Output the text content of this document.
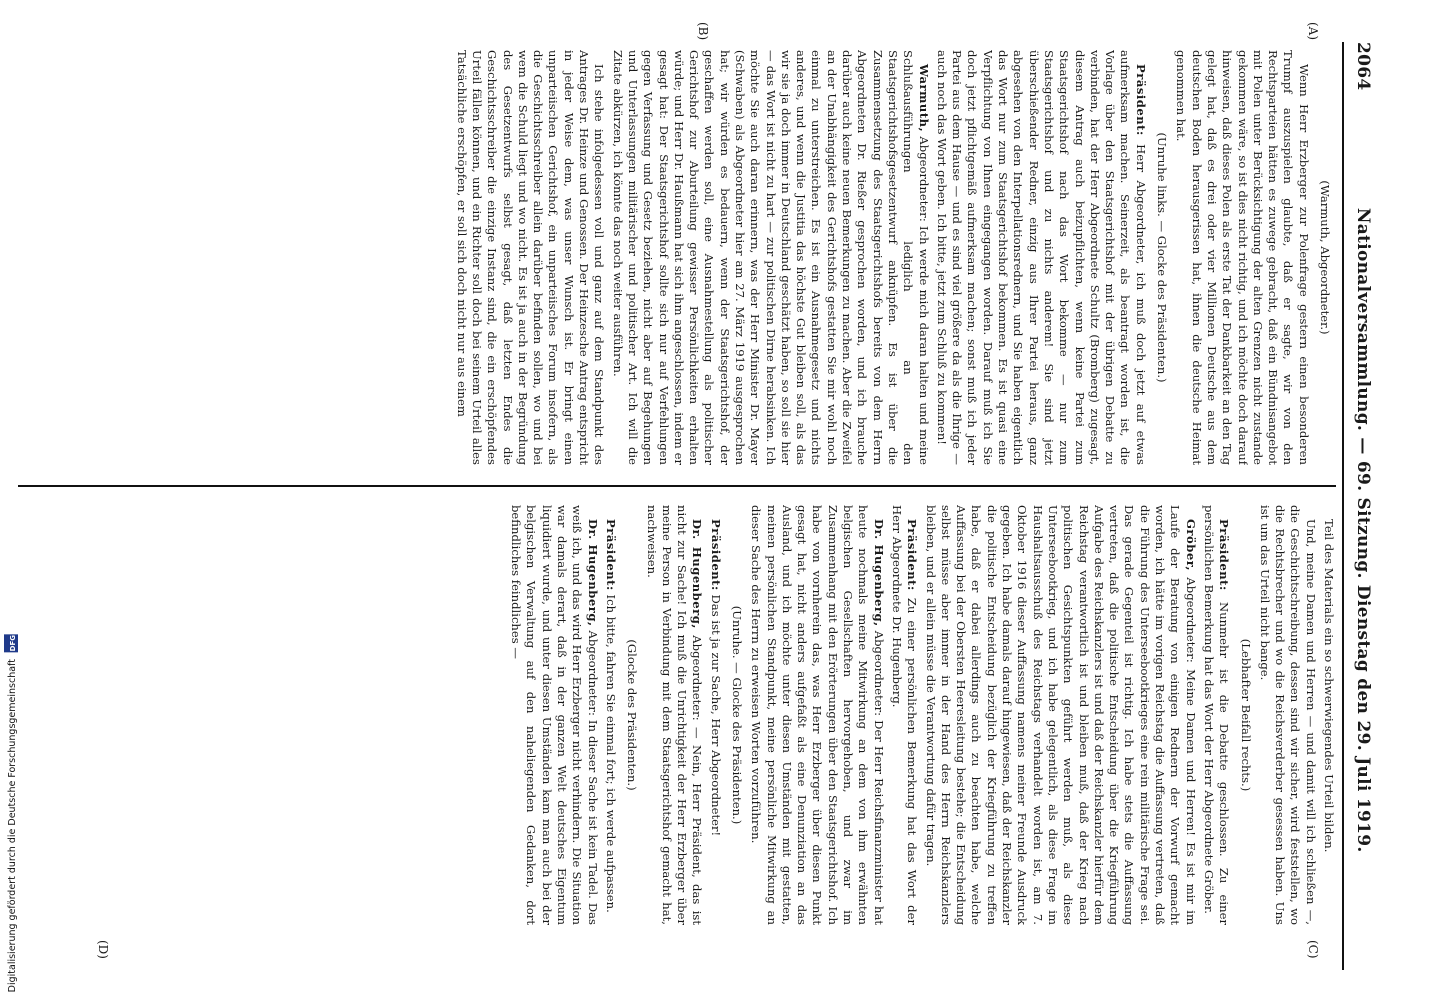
2064
Nationalversammlung. — 69. Sitzung. Dienstag den 29. Juli 1919.
(A)
(B)
(C)
(D)

(Warmuth, Abgeordneter.)

Wenn Herr Erzberger zur Polenfrage gestern einen besonderen Trumpf auszuspielen glaubte, daß er sagte, wir von den Rechtsparteien hätten es zuwege gebracht, daß ein Bündnisangebot mit Polen unter Berücksichtigung der alten Grenzen nicht zustande gekommen wäre, so ist dies nicht richtig, und ich möchte doch darauf hinweisen, daß dieses Polen als erste Tat der Dankbarkeit an den Tag gelegt hat, daß es drei oder vier Millionen Deutsche aus dem deutschen Boden herausgerissen hat, ihnen die deutsche Heimat genommen hat.

(Unruhe links. — Glocke des Präsidenten.)

Präsident: Herr Abgeordneter, ich muß doch jetzt auf etwas aufmerksam machen. Seinerzeit, als beantragt worden ist, die Vorlage über den Staatsgerichtshof mit der übrigen Debatte zu verbinden, hat der Herr Abgeordnete Schultz (Bromberg) zugesagt, diesem Antrag auch beizupflichten, wenn keine Partei zum Staatsgerichtshof nach das Wort bekomme — nur zum Staatsgerichtshof und zu nichts anderem! Sie sind jetzt überschießender Redner, einzig aus Ihrer Partei heraus, ganz abgesehen von den Interpellationsrednern, und Sie haben eigentlich das Wort nur zum Staatsgerichtshof bekommen. Es ist quasi eine Verpflichtung von Ihnen eingegangen worden. Darauf muß ich Sie doch jetzt pflichtgemäß aufmerksam machen; sonst muß ich jeder Partei aus dem Hause — und es sind viel größere da als die Ihrige — auch noch das Wort geben. Ich bitte, jetzt zum Schluß zu kommen!

Warmuth, Abgeordneter: Ich werde mich daran halten und meine Schlußausführungen lediglich an den Staatsgerichtshofsgesetzentwurf anknüpfen. Es ist über die Zusammensetzung des Staatsgerichtshofs bereits von dem Herrn Abgeordneten Dr. Rießer gesprochen worden, und ich brauche darüber auch keine neuen Bemerkungen zu machen. Aber die Zweifel an der Unabhängigkeit des Gerichtshofs gestatten Sie mir wohl noch einmal zu unterstreichen. Es ist ein Ausnahmegesetz und nichts anderes, und wenn die Justitia das höchste Gut bleiben soll, als das wir sie ja doch immer in Deutschland geschätzt haben, so soll sie hier — das Wort ist nicht zu hart — zur politischen Dirne herabsinken. Ich möchte Sie auch daran erinnern, was der Herr Minister Dr. Mayer (Schwaben) als Abgeordneter hier am 27. März 1919 ausgesprochen hat; wir würden es bedauern, wenn der Staatsgerichtshof, der geschaffen werden soll, eine Ausnahmestellung als politischer Gerichtshof zur Aburteilung gewisser Persönlichkeiten erhalten würde; und Herr Dr. Haußmann hat sich ihm angeschlossen, indem er gesagt hat: Der Staatsgerichtshof sollte sich nur auf Verfehlungen gegen Verfassung und Gesetz beziehen, nicht aber auf Begehungen und Unterlassungen militärischer und politischer Art. Ich will die Zitate abkürzen, ich könnte das noch weiter ausführen.

Ich stehe infolgedessen voll und ganz auf dem Standpunkt des Antrages Dr. Heinze und Genossen. Der Heinzesche Antrag entspricht in jeder Weise dem, was unser Wunsch ist. Er bringt einen unparteiischen Gerichtshof, ein unparteiisches Forum insofern, als die Geschichtsschreiber allein darüber befinden sollen, wo und bei wem die Schuld liegt und wo nicht. Es ist ja auch in der Begründung des Gesetzentwurfs selbst gesagt, daß letzten Endes die Geschichtsschreiber die einzige Instanz sind, die ein erschöpfendes Urteil fällen können, und ein Richter soll doch bei seinem Urteil alles Tatsächliche erschöpfen, er soll sich doch nicht nur aus einem

Teil des Materials ein so schwerwiegendes Urteil bilden.

Und, meine Damen und Herren — und damit will ich schließen —, die Geschichtschreibung, dessen sind wir sicher, wird feststellen, wo die Rechtsbrecher und wo die Reichsverderber gesessen haben. Uns ist um das Urteil nicht bange.

(Lebhafter Beifall rechts.)

Präsident: Nunmehr ist die Debatte geschlossen. Zu einer persönlichen Bemerkung hat das Wort der Herr Abgeordnete Gröber.

Gröber, Abgeordneter: Meine Damen und Herren! Es ist mir im Laufe der Beratung von einigen Rednern der Vorwurf gemacht worden, ich hätte im vorigen Reichstag die Auffassung vertreten, daß die Führung des Unterseebootkrieges eine rein militärische Frage sei. Das gerade Gegenteil ist richtig. Ich habe stets die Auffassung vertreten, daß die politische Entscheidung über die Kriegführung Aufgabe des Reichskanzlers ist und daß der Reichskanzler hierfür dem Reichstag verantwortlich ist und bleiben muß, daß der Krieg nach politischen Gesichtspunkten geführt werden muß, als diese Unterseebootkrieg, und ich habe gelegentlich, als diese Frage im Haushaltsausschuß des Reichstags verhandelt worden ist, am 7. Oktober 1916 dieser Auffassung namens meiner Freunde Ausdruck gegeben. Ich habe damals darauf hingewiesen, daß der Reichskanzler die politische Entscheidung bezüglich der Kriegführung zu treffen habe, daß er dabei allerdings auch zu beachten habe, welche Auffassung bei der Obersten Heeresleitung bestehe; die Entscheidung selbst müsse aber immer in der Hand des Herrn Reichskanzlers bleiben, und er allein müsse die Verantwortung dafür tragen.

Präsident: Zu einer persönlichen Bemerkung hat das Wort der Herr Abgeordnete Dr. Hugenberg.

Dr. Hugenberg, Abgeordneter: Der Herr Reichsfinanzminister hat heute nochmals meine Mitwirkung an dem von ihm erwähnten belgischen Gesellschaften hervorgehoben, und zwar im Zusammenhang mit den Erörterungen über den Staatsgerichtshof. Ich habe von vornherein das, was Herr Erzberger über diesen Punkt gesagt hat, nicht anders aufgefaßt als eine Denunziation an das Ausland, und ich möchte unter diesen Umständen mit gestatten, meinen persönlichen Standpunkt, meine persönliche Mitwirkung an dieser Sache des Herrn zu erweisen Worten vorzuführen.

(Unruhe. — Glocke des Präsidenten.)

Präsident: Das ist ja zur Sache, Herr Abgeordneter!

Dr. Hugenberg, Abgeordneter: — Nein, Herr Präsident, das ist nicht zur Sache! Ich muß die Unrichtigkeit der Herr Erzberger über meine Person in Verbindung mit dem Staatsgerichtshof gemacht hat, nachweisen.

(Glocke des Präsidenten.)

Präsident: Ich bitte, fahren Sie einmal fort; ich werde aufpassen.

Dr. Hugenberg, Abgeordneter: In dieser Sache ist kein Tadel. Das weiß ich, und das wird Herr Erzberger nicht verhindern. Die Situation war damals derart, daß in der ganzen Welt deutsches Eigentum liquidiert wurde, und unter diesen Umständen kam man auch bei der belgischen Verwaltung auf den naheliegenden Gedanken, dort befindliches feindliches —

Digitalisierung gefördert durch die Deutsche Forschungsgemeinschaft DFG
